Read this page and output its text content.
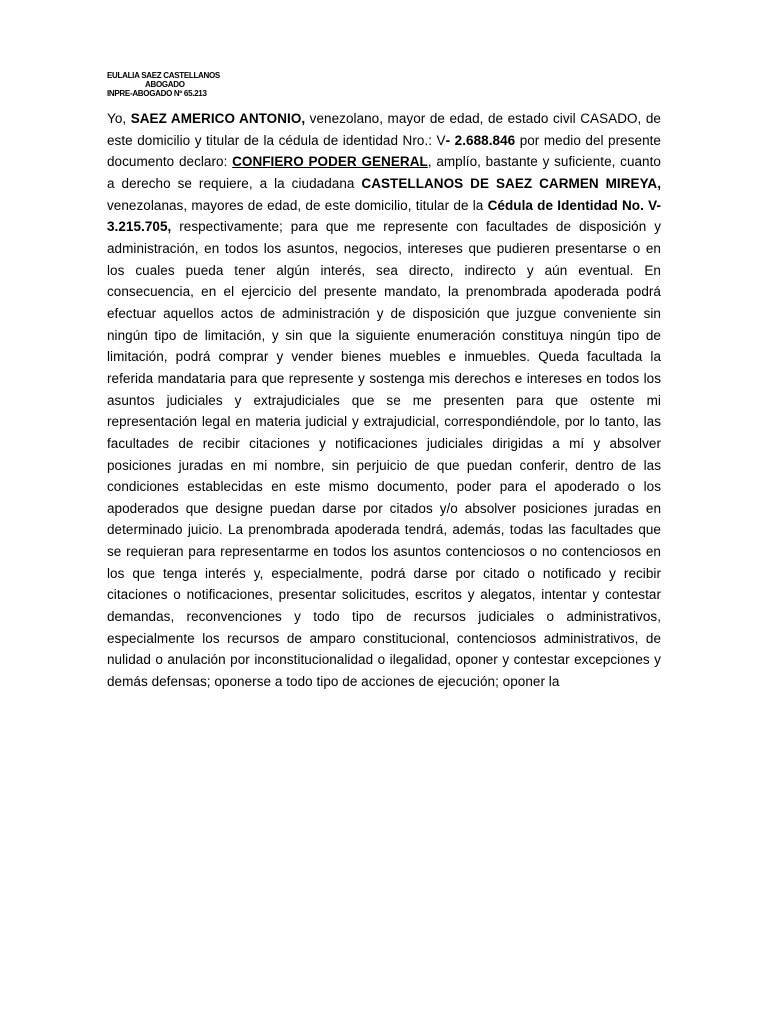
EULALIA SAEZ CASTELLANOS
ABOGADO
INPRE-ABOGADO Nº 65.213
Yo, SAEZ AMERICO ANTONIO, venezolano, mayor de edad, de estado civil CASADO, de este domicilio y titular de la cédula de identidad Nro.: V- 2.688.846 por medio del presente documento declaro: CONFIERO PODER GENERAL, amplío, bastante y suficiente, cuanto a derecho se requiere, a la ciudadana CASTELLANOS DE SAEZ CARMEN MIREYA, venezolanas, mayores de edad, de este domicilio, titular de la Cédula de Identidad No. V- 3.215.705, respectivamente; para que me represente con facultades de disposición y administración, en todos los asuntos, negocios, intereses que pudieren presentarse o en los cuales pueda tener algún interés, sea directo, indirecto y aún eventual. En consecuencia, en el ejercicio del presente mandato, la prenombrada apoderada podrá efectuar aquellos actos de administración y de disposición que juzgue conveniente sin ningún tipo de limitación, y sin que la siguiente enumeración constituya ningún tipo de limitación, podrá comprar y vender bienes muebles e inmuebles. Queda facultada la referida mandataria para que represente y sostenga mis derechos e intereses en todos los asuntos judiciales y extrajudiciales que se me presenten para que ostente mi representación legal en materia judicial y extrajudicial, correspondiéndole, por lo tanto, las facultades de recibir citaciones y notificaciones judiciales dirigidas a mí y absolver posiciones juradas en mi nombre, sin perjuicio de que puedan conferir, dentro de las condiciones establecidas en este mismo documento, poder para el apoderado o los apoderados que designe puedan darse por citados y/o absolver posiciones juradas en determinado juicio. La prenombrada apoderada tendrá, además, todas las facultades que se requieran para representarme en todos los asuntos contenciosos o no contenciosos en los que tenga interés y, especialmente, podrá darse por citado o notificado y recibir citaciones o notificaciones, presentar solicitudes, escritos y alegatos, intentar y contestar demandas, reconvenciones y todo tipo de recursos judiciales o administrativos, especialmente los recursos de amparo constitucional, contenciosos administrativos, de nulidad o anulación por inconstitucionalidad o ilegalidad, oponer y contestar excepciones y demás defensas; oponerse a todo tipo de acciones de ejecución; oponer la
